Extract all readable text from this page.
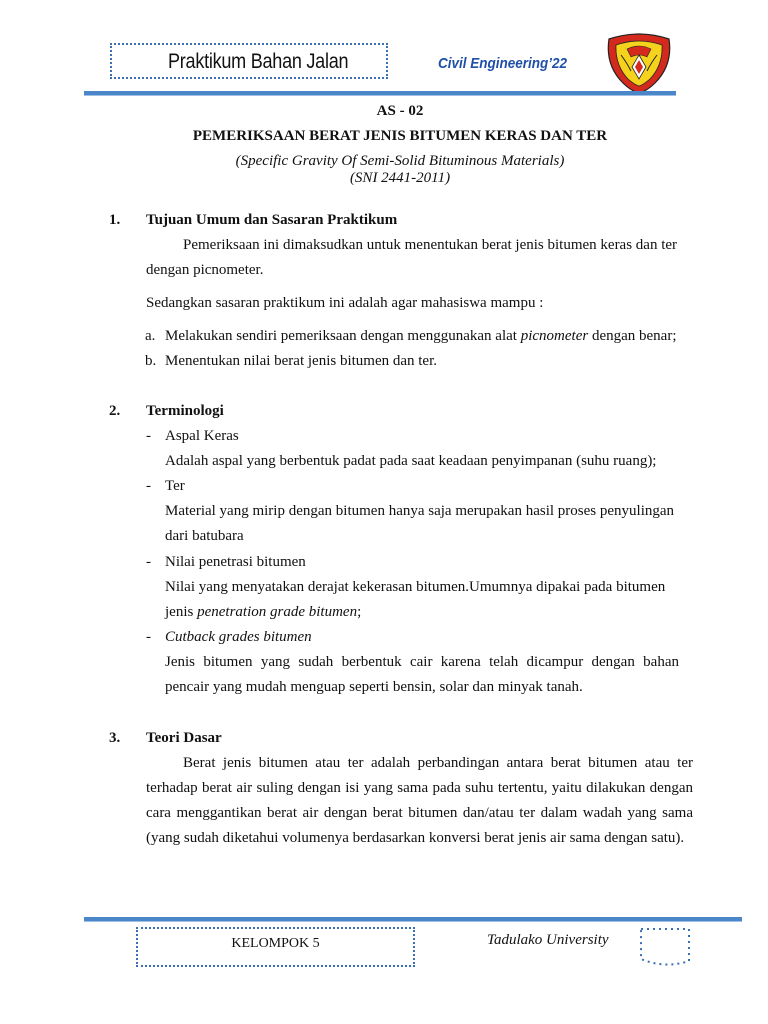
Praktikum Bahan Jalan	Civil Engineering’22
AS - 02
PEMERIKSAAN BERAT JENIS BITUMEN KERAS DAN TER
(Specific Gravity Of Semi-Solid Bituminous Materials)
(SNI 2441-2011)
1. Tujuan Umum dan Sasaran Praktikum
Pemeriksaan ini dimaksudkan untuk menentukan berat jenis bitumen keras dan ter
dengan picnometer.
Sedangkan sasaran praktikum ini adalah agar mahasiswa mampu :
a. Melakukan sendiri pemeriksaan dengan menggunakan alat picnometer dengan benar;
b. Menentukan nilai berat jenis bitumen dan ter.
2. Terminologi
- Aspal Keras
Adalah aspal yang berbentuk padat pada saat keadaan penyimpanan (suhu ruang);
- Ter
Material yang mirip dengan bitumen hanya saja merupakan hasil proses penyulingan
dari batubara
- Nilai penetrasi bitumen
Nilai yang menyatakan derajat kekerasan bitumen.Umumnya dipakai pada bitumen
jenis penetration grade bitumen;
- Cutback grades bitumen
Jenis bitumen yang sudah berbentuk cair karena telah dicampur dengan bahan
pencair yang mudah menguap seperti bensin, solar dan minyak tanah.
3. Teori Dasar
Berat jenis bitumen atau ter adalah perbandingan antara berat bitumen atau ter terhadap berat air suling dengan isi yang sama pada suhu tertentu, yaitu dilakukan dengan cara menggantikan berat air dengan berat bitumen dan/atau ter dalam wadah yang sama (yang sudah diketahui volumenya berdasarkan konversi berat jenis air sama dengan satu).
KELOMPOK 5	Tadulako University
